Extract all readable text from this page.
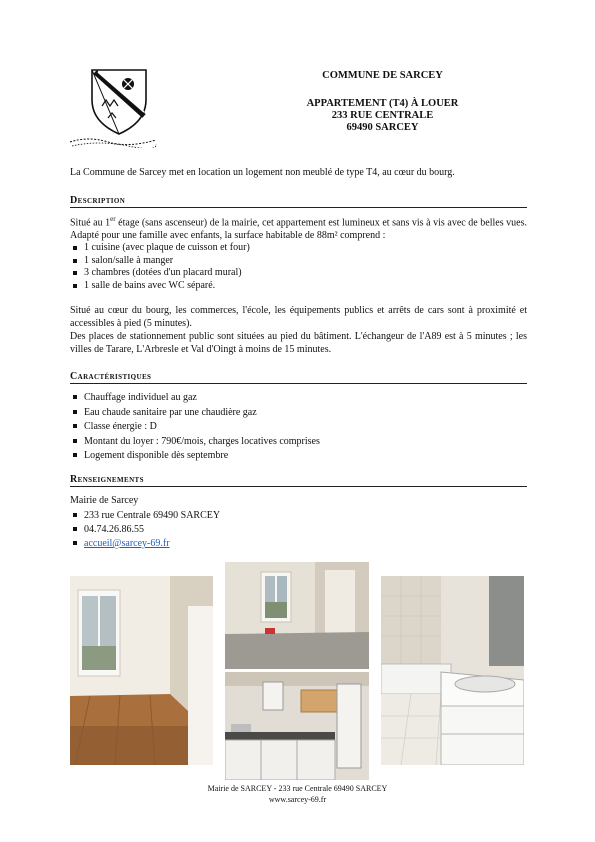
COMMUNE DE SARCEY
APPARTEMENT (T4) À LOUER
233 RUE CENTRALE
69490 SARCEY
La Commune de Sarcey met en location un logement non meublé de type T4, au cœur du bourg.
Description
Situé au 1er étage (sans ascenseur) de la mairie, cet appartement est lumineux et sans vis à vis avec de belles vues. Adapté pour une famille avec enfants, la surface habitable de 88m² comprend :
1 cuisine (avec plaque de cuisson et four)
1 salon/salle à manger
3 chambres (dotées d'un placard mural)
1 salle de bains avec WC séparé.
Situé au cœur du bourg, les commerces, l'école, les équipements publics et arrêts de cars sont à proximité et accessibles à pied (5 minutes).
Des places de stationnement public sont situées au pied du bâtiment. L'échangeur de l'A89 est à 5 minutes ; les villes de Tarare, L'Arbresle et Val d'Oingt à moins de 15 minutes.
Caractéristiques
Chauffage individuel au gaz
Eau chaude sanitaire par une chaudière gaz
Classe énergie : D
Montant du loyer : 790€/mois, charges locatives comprises
Logement disponible dès septembre
Renseignements
Mairie de Sarcey
233 rue Centrale 69490 SARCEY
04.74.26.86.55
accueil@sarcey-69.fr
Mairie de SARCEY - 233 rue Centrale 69490 SARCEY
www.sarcey-69.fr
